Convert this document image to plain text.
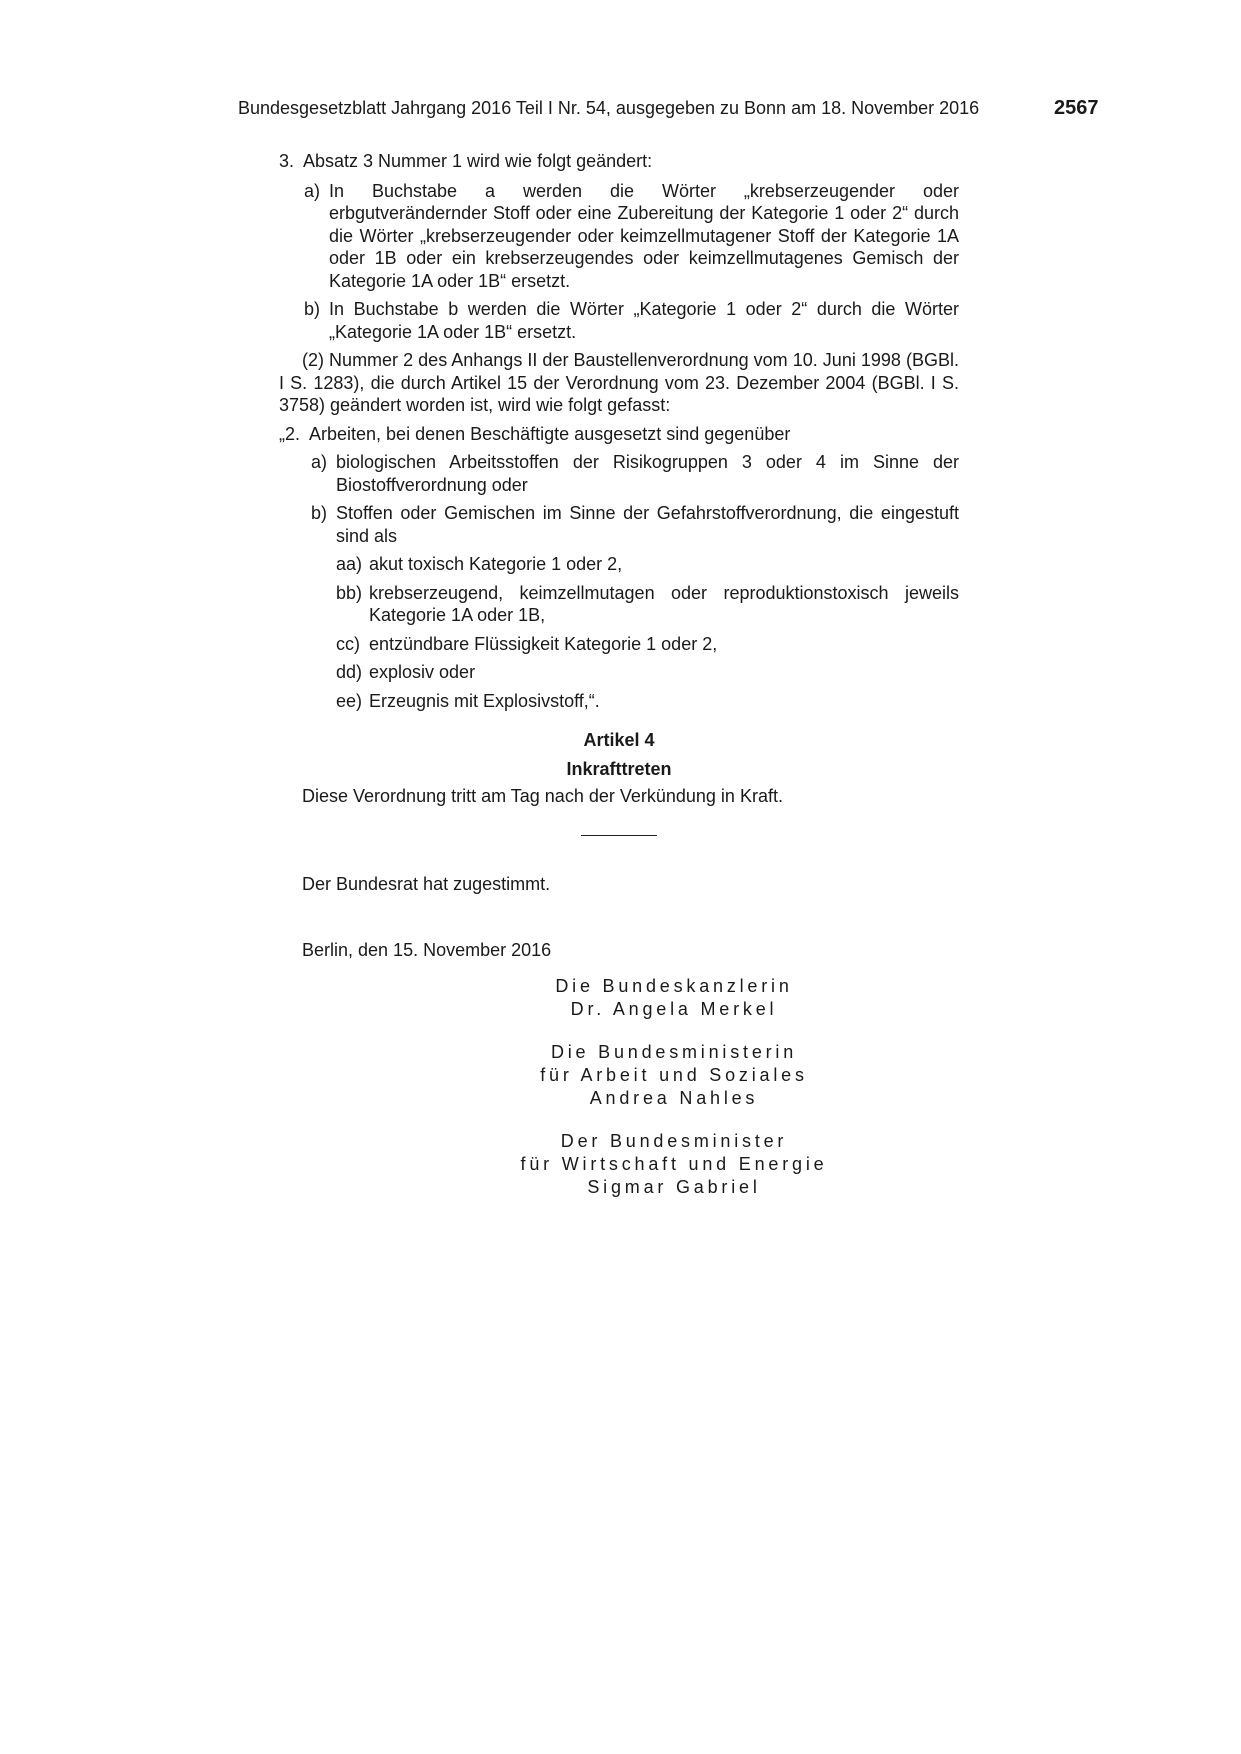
Bundesgesetzblatt Jahrgang 2016 Teil I Nr. 54, ausgegeben zu Bonn am 18. November 2016	2567
3. Absatz 3 Nummer 1 wird wie folgt geändert:
a) In Buchstabe a werden die Wörter „krebserzeugender oder erbgutverändernder Stoff oder eine Zubereitung der Kategorie 1 oder 2“ durch die Wörter „krebserzeugender oder keimzellmutagener Stoff der Kategorie 1A oder 1B oder ein krebserzeugendes oder keimzellmutagenes Gemisch der Kategorie 1A oder 1B“ ersetzt.
b) In Buchstabe b werden die Wörter „Kategorie 1 oder 2“ durch die Wörter „Kategorie 1A oder 1B“ ersetzt.
(2) Nummer 2 des Anhangs II der Baustellenverordnung vom 10. Juni 1998 (BGBl. I S. 1283), die durch Artikel 15 der Verordnung vom 23. Dezember 2004 (BGBl. I S. 3758) geändert worden ist, wird wie folgt gefasst:
„2. Arbeiten, bei denen Beschäftigte ausgesetzt sind gegenüber
a) biologischen Arbeitsstoffen der Risikogruppen 3 oder 4 im Sinne der Biostoffverordnung oder
b) Stoffen oder Gemischen im Sinne der Gefahrstoffverordnung, die eingestuft sind als
aa) akut toxisch Kategorie 1 oder 2,
bb) krebserzeugend, keimzellmutagen oder reproduktionstoxisch jeweils Kategorie 1A oder 1B,
cc) entzündbare Flüssigkeit Kategorie 1 oder 2,
dd) explosiv oder
ee) Erzeugnis mit Explosivstoff,“.
Artikel 4
Inkrafttreten
Diese Verordnung tritt am Tag nach der Verkündung in Kraft.
Der Bundesrat hat zugestimmt.
Berlin, den 15. November 2016
Die Bundeskanzlerin
Dr. Angela Merkel
Die Bundesministerin
für Arbeit und Soziales
Andrea Nahles
Der Bundesminister
für Wirtschaft und Energie
Sigmar Gabriel
